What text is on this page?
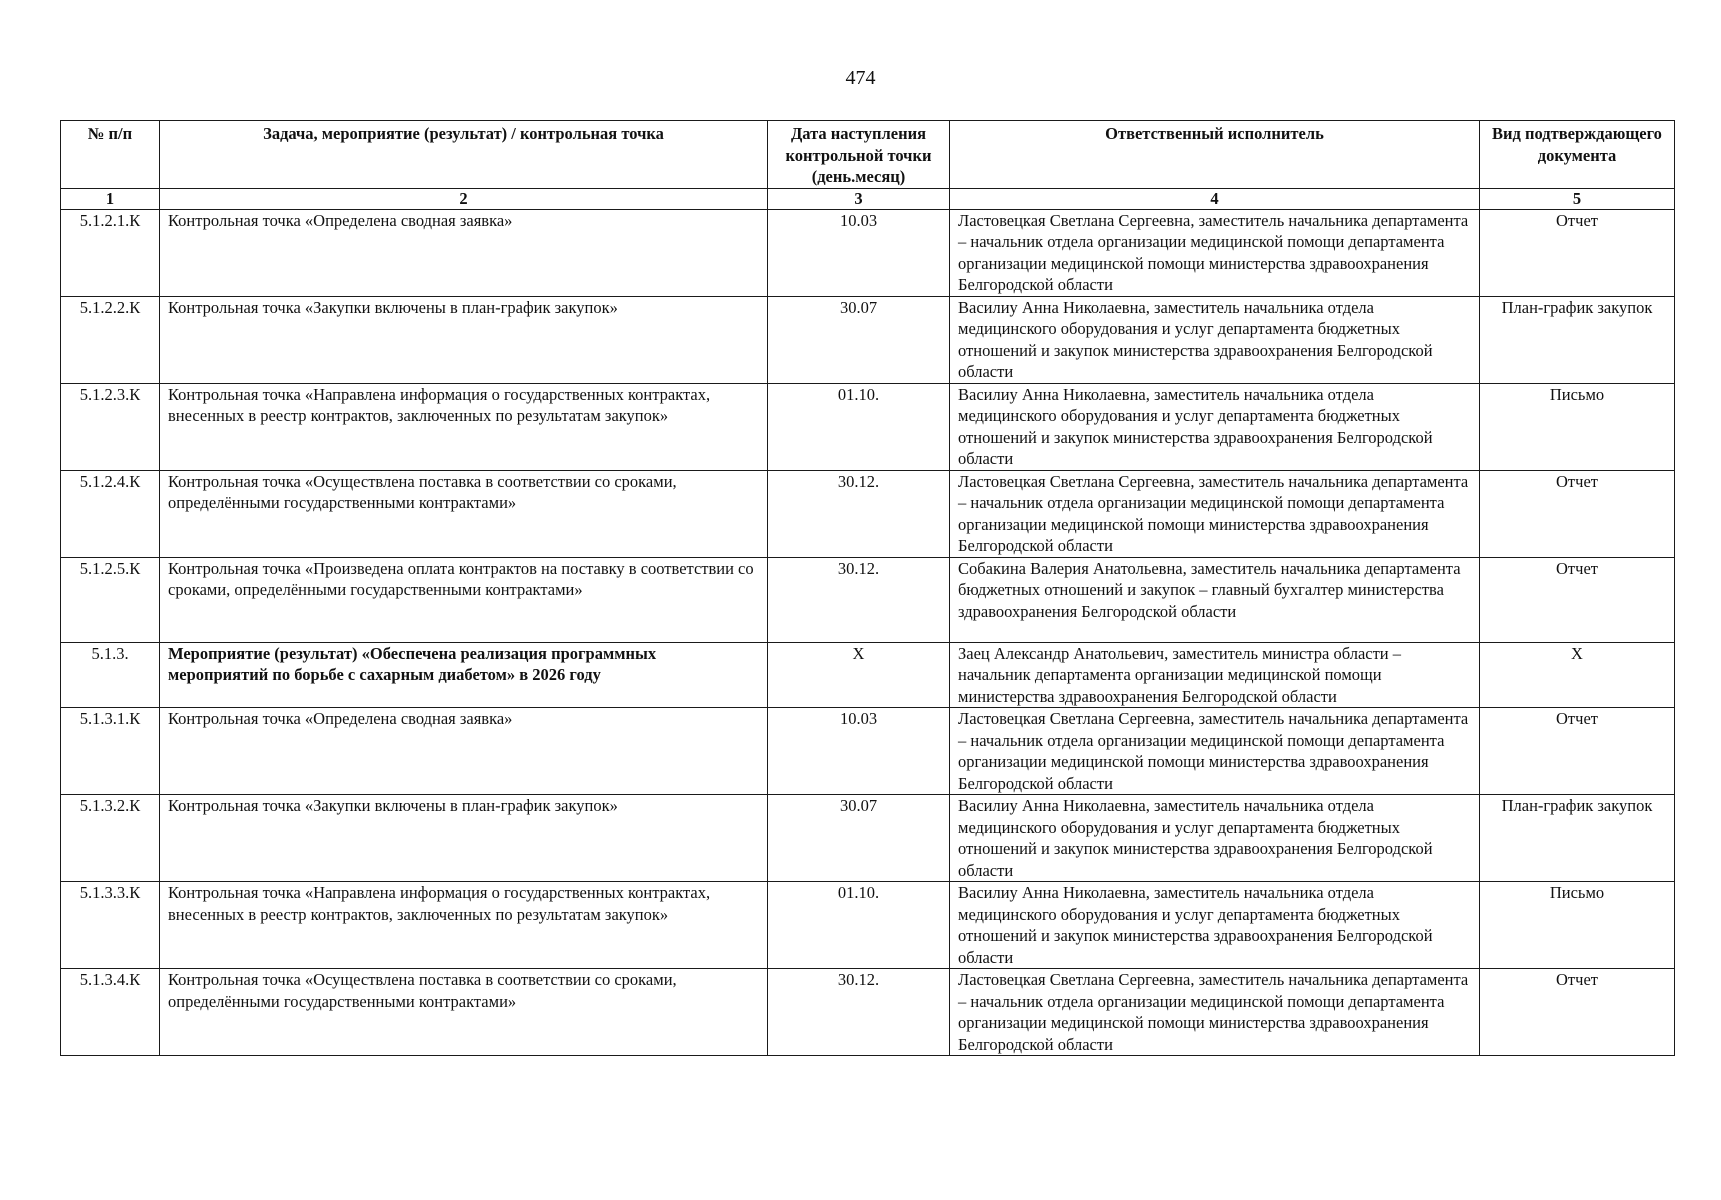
474
№ п/п	Задача, мероприятие (результат) / контрольная точка	Дата наступления контрольной точки (день.месяц)	Ответственный исполнитель	Вид подтверждающего документа
1	2	3	4	5
5.1.2.1.К	Контрольная точка «Определена сводная заявка»	10.03	Ластовецкая Светлана Сергеевна, заместитель начальника департамента – начальник отдела организации медицинской помощи департамента организации медицинской помощи министерства здравоохранения Белгородской области	Отчет
5.1.2.2.К	Контрольная точка «Закупки включены в план-график закупок»	30.07	Василиу Анна Николаевна, заместитель начальника отдела медицинского оборудования и услуг департамента бюджетных отношений и закупок министерства здравоохранения Белгородской области	План-график закупок
5.1.2.3.К	Контрольная точка «Направлена информация о государственных контрактах, внесенных в реестр контрактов, заключенных по результатам закупок»	01.10.	Василиу Анна Николаевна, заместитель начальника отдела медицинского оборудования и услуг департамента бюджетных отношений и закупок министерства здравоохранения Белгородской области	Письмо
5.1.2.4.К	Контрольная точка «Осуществлена поставка в соответствии со сроками, определёнными государственными контрактами»	30.12.	Ластовецкая Светлана Сергеевна, заместитель начальника департамента – начальник отдела организации медицинской помощи департамента организации медицинской помощи министерства здравоохранения Белгородской области	Отчет
5.1.2.5.К	Контрольная точка «Произведена оплата контрактов на поставку в соответствии со сроками, определёнными государственными контрактами»	30.12.	Собакина Валерия Анатольевна, заместитель начальника департамента бюджетных отношений и закупок – главный бухгалтер министерства здравоохранения Белгородской области	Отчет
5.1.3.	Мероприятие (результат) «Обеспечена реализация программных мероприятий по борьбе с сахарным диабетом» в 2026 году	X	Заец Александр Анатольевич, заместитель министра области – начальник департамента организации медицинской помощи министерства здравоохранения Белгородской области	X
5.1.3.1.К	Контрольная точка «Определена сводная заявка»	10.03	Ластовецкая Светлана Сергеевна, заместитель начальника департамента – начальник отдела организации медицинской помощи департамента организации медицинской помощи министерства здравоохранения Белгородской области	Отчет
5.1.3.2.К	Контрольная точка «Закупки включены в план-график закупок»	30.07	Василиу Анна Николаевна, заместитель начальника отдела медицинского оборудования и услуг департамента бюджетных отношений и закупок министерства здравоохранения Белгородской области	План-график закупок
5.1.3.3.К	Контрольная точка «Направлена информация о государственных контрактах, внесенных в реестр контрактов, заключенных по результатам закупок»	01.10.	Василиу Анна Николаевна, заместитель начальника отдела медицинского оборудования и услуг департамента бюджетных отношений и закупок министерства здравоохранения Белгородской области	Письмо
5.1.3.4.К	Контрольная точка «Осуществлена поставка в соответствии со сроками, определёнными государственными контрактами»	30.12.	Ластовецкая Светлана Сергеевна, заместитель начальника департамента – начальник отдела организации медицинской помощи департамента организации медицинской помощи министерства здравоохранения Белгородской области	Отчет
